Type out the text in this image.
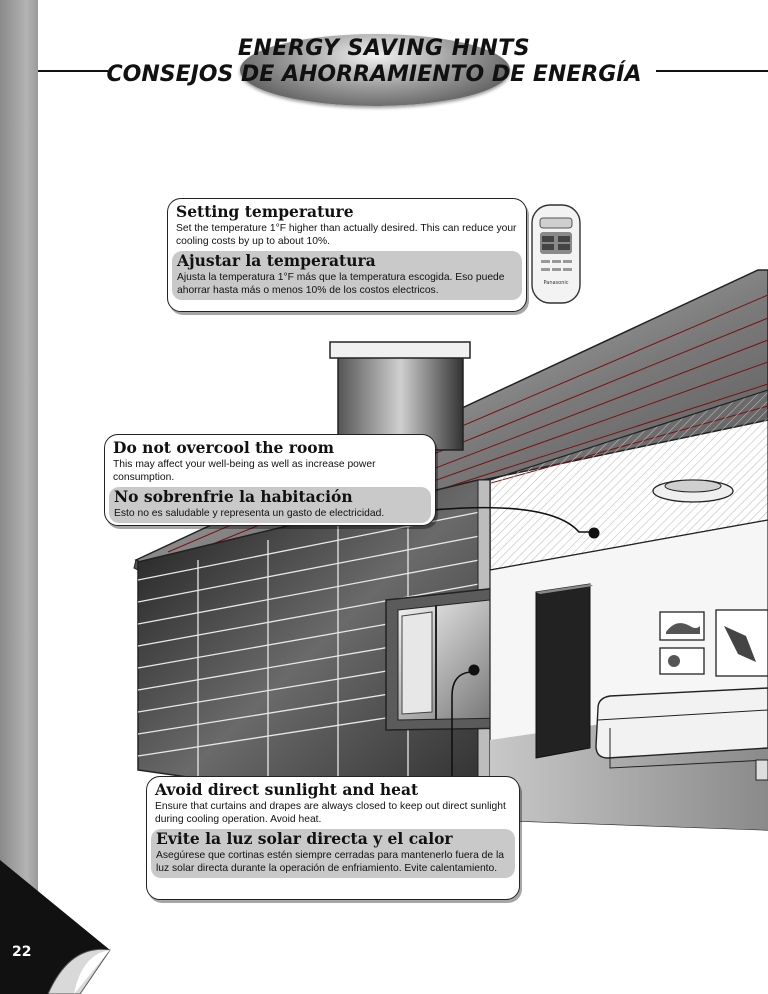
ENERGY SAVING HINTS
CONSEJOS DE AHORRAMIENTO DE ENERGÍA
Panasonic
Setting temperature

Set the temperature 1°F higher than actually desired. This can reduce your cooling costs by up to about 10%.

Ajustar la temperatura

Ajusta la temperatura 1°F más que la temperatura escogida. Eso puede ahorrar hasta más o menos 10% de los costos electricos.

Do not overcool the room

This may affect your well-being as well as increase power consumption.

No sobrenfrie la habitación

Esto no es saludable y representa un gasto de electricidad.

Avoid direct sunlight and heat

Ensure that curtains and drapes are always closed to keep out direct sunlight during cooling operation. Avoid heat.

Evite la luz solar directa y el calor

Asegúrese que cortinas estén siempre cerradas para mantenerlo fuera de la luz solar directa durante la operación de enfriamiento. Evite calentamiento.

22
